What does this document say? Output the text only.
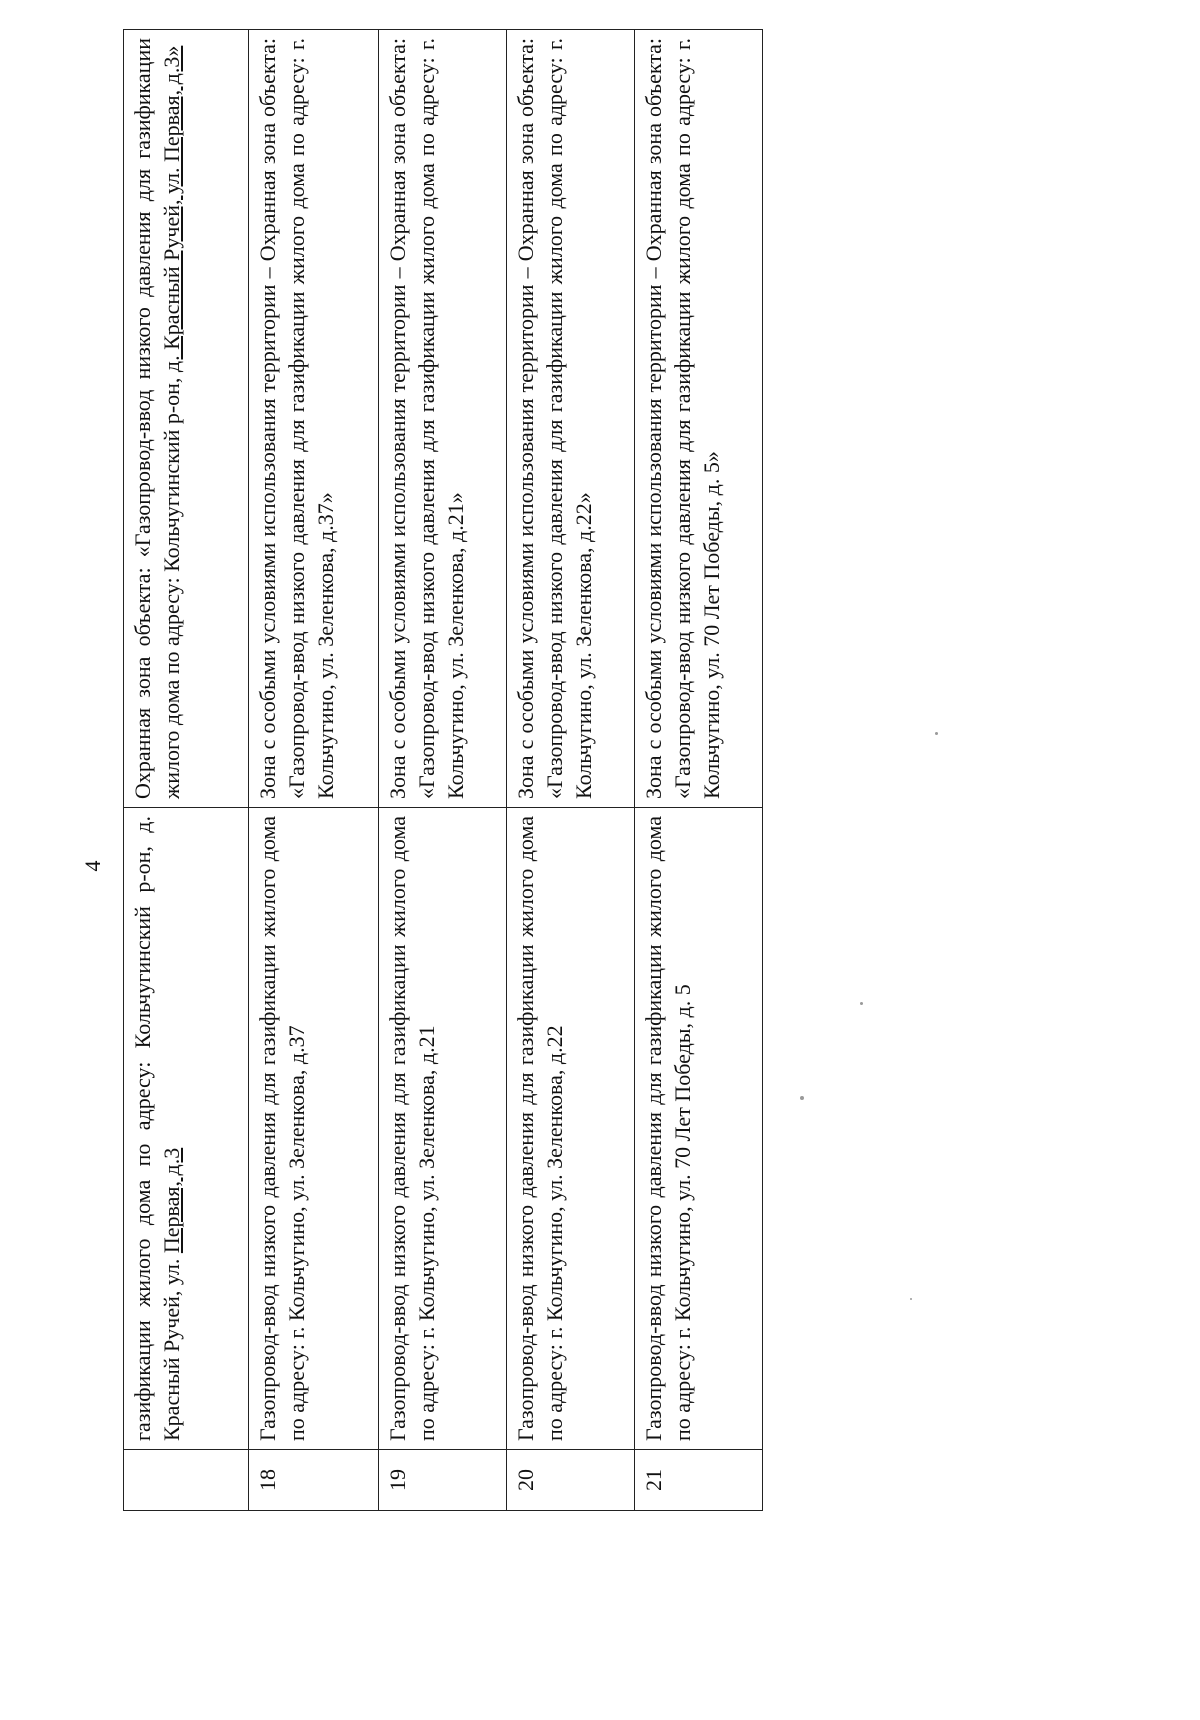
4
	газификации жилого дома по адресу: Кольчугинский р-он, д. Красный Ручей, ул. Первая, д.3	Охранная зона объекта: «Газопровод-ввод низкого давления для газификации жилого дома по адресу: Кольчугинский р-он, д. Красный Ручей, ул. Первая, д.3»
18	Газопровод-ввод низкого давления для газификации жилого дома по адресу: г. Кольчугино, ул. Зеленкова, д.37	Зона с особыми условиями использования территории – Охранная зона объекта: «Газопровод-ввод низкого давления для газификации жилого дома по адресу: г. Кольчугино, ул. Зеленкова, д.37»
19	Газопровод-ввод низкого давления для газификации жилого дома по адресу: г. Кольчугино, ул. Зеленкова, д.21	Зона с особыми условиями использования территории – Охранная зона объекта: «Газопровод-ввод низкого давления для газификации жилого дома по адресу: г. Кольчугино, ул. Зеленкова, д.21»
20	Газопровод-ввод низкого давления для газификации жилого дома по адресу: г. Кольчугино, ул. Зеленкова, д.22	Зона с особыми условиями использования территории – Охранная зона объекта: «Газопровод-ввод низкого давления для газификации жилого дома по адресу: г. Кольчугино, ул. Зеленкова, д.22»
21	Газопровод-ввод низкого давления для газификации жилого дома по адресу: г. Кольчугино, ул. 70 Лет Победы, д. 5	Зона с особыми условиями использования территории – Охранная зона объекта: «Газопровод-ввод низкого давления для газификации жилого дома по адресу: г. Кольчугино, ул. 70 Лет Победы, д. 5»
